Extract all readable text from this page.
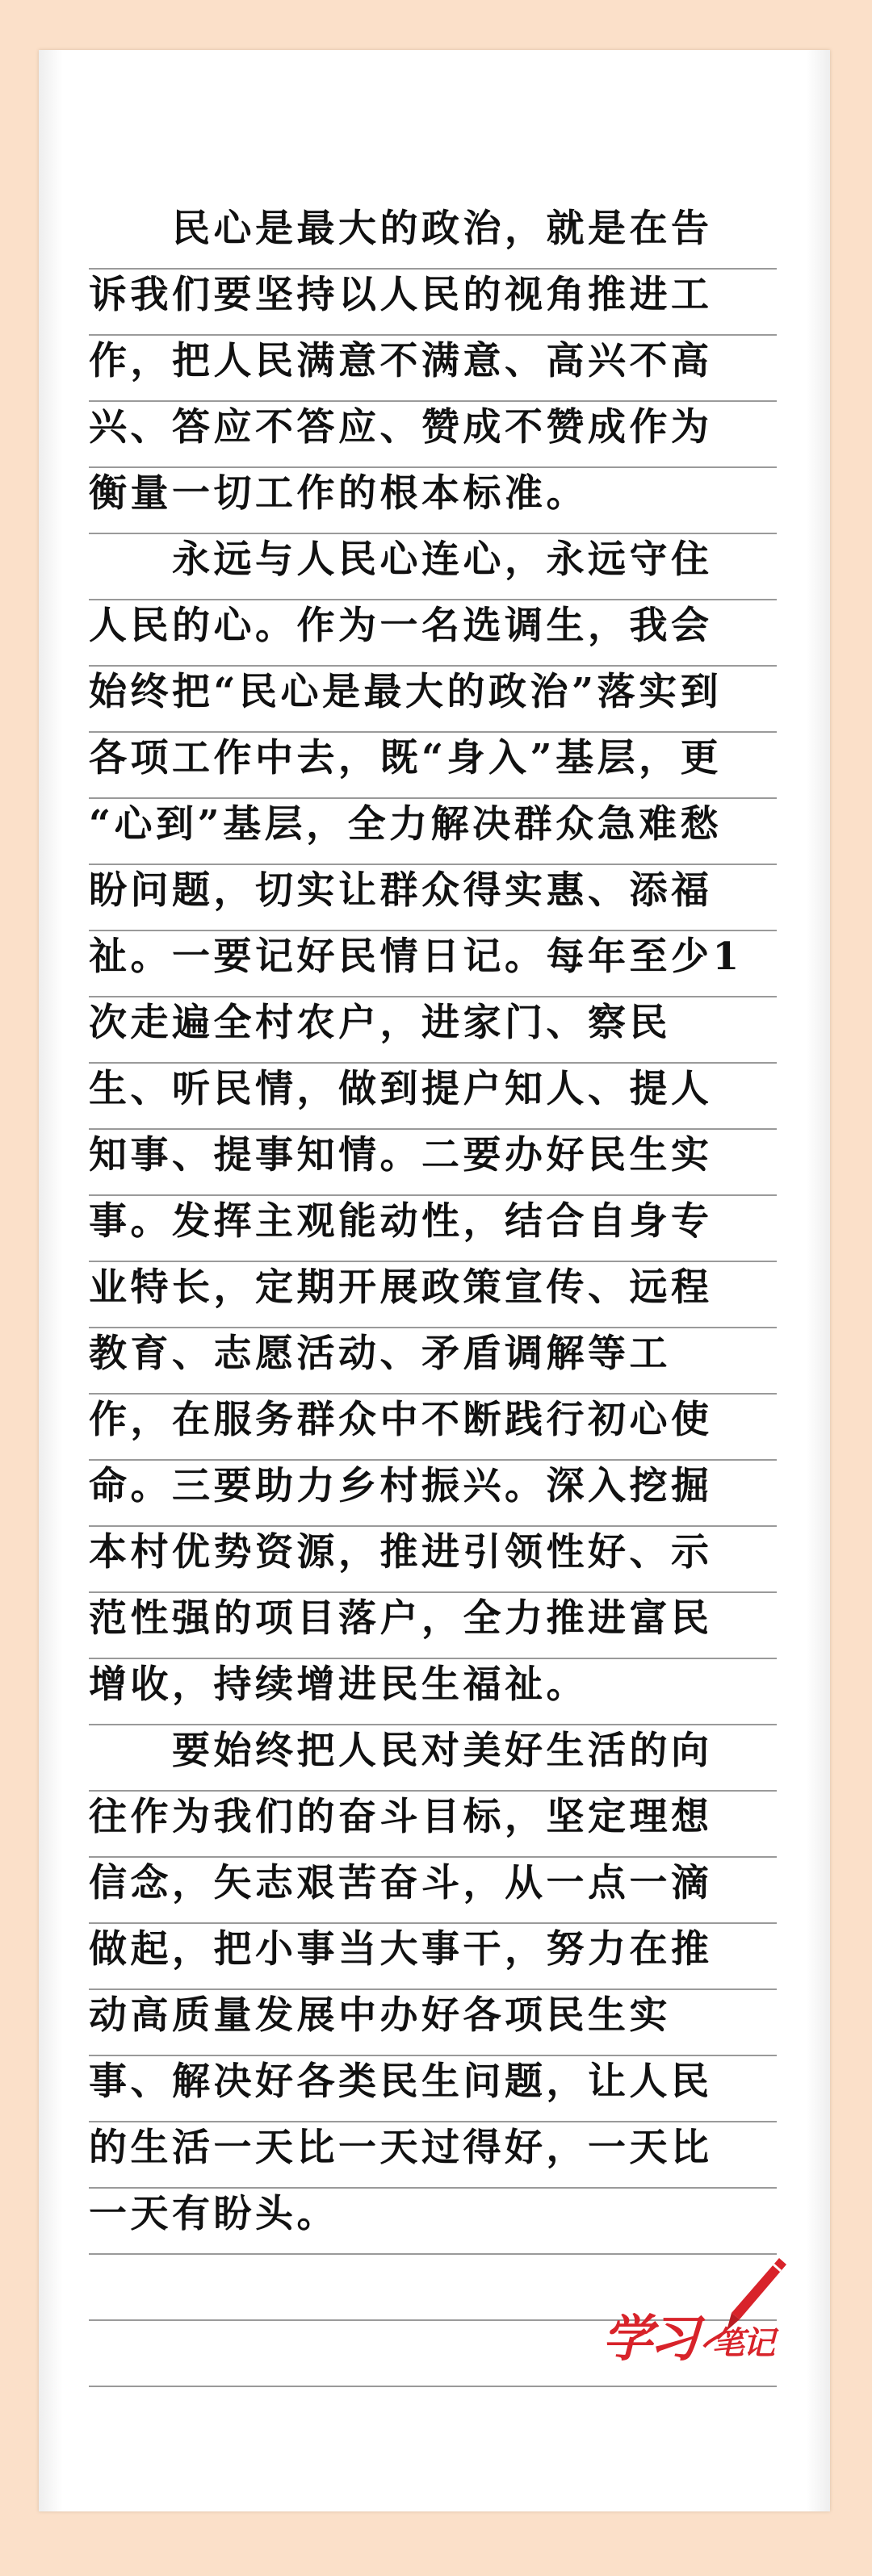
　　民心是最大的政治，就是在告
诉我们要坚持以人民的视角推进工
作，把人民满意不满意、高兴不高
兴、答应不答应、赞成不赞成作为
衡量一切工作的根本标准。
　　永远与人民心连心，永远守住
人民的心。作为一名选调生，我会
始终把“民心是最大的政治”落实到
各项工作中去，既“身入”基层，更
“心到”基层，全力解决群众急难愁
盼问题，切实让群众得实惠、添福
祉。一要记好民情日记。每年至少1
次走遍全村农户，进家门、察民
生、听民情，做到提户知人、提人
知事、提事知情。二要办好民生实
事。发挥主观能动性，结合自身专
业特长，定期开展政策宣传、远程
教育、志愿活动、矛盾调解等工
作，在服务群众中不断践行初心使
命。三要助力乡村振兴。深入挖掘
本村优势资源，推进引领性好、示
范性强的项目落户，全力推进富民
增收，持续增进民生福祉。
　　要始终把人民对美好生活的向
往作为我们的奋斗目标，坚定理想
信念，矢志艰苦奋斗，从一点一滴
做起，把小事当大事干，努力在推
动高质量发展中办好各项民生实
事、解决好各类民生问题，让人民
的生活一天比一天过得好，一天比
一天有盼头。
学习 笔记
